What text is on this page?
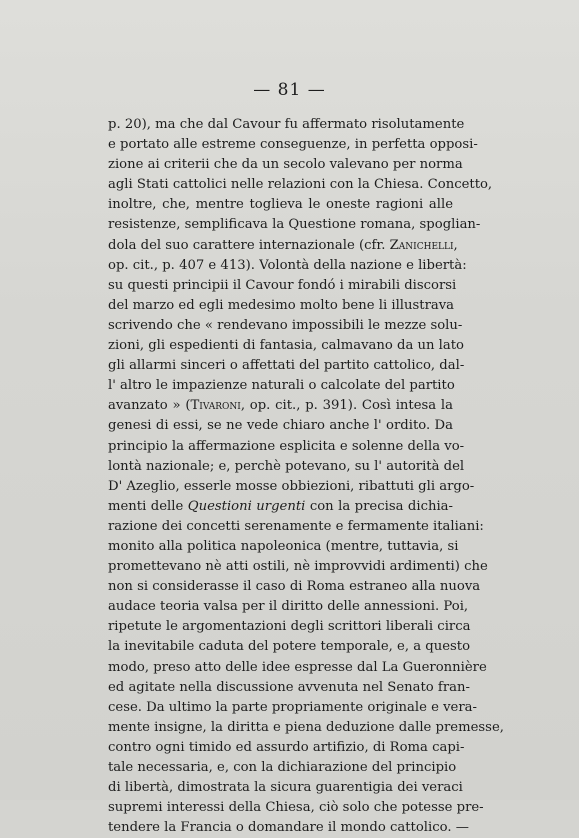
— 81 —
p. 20), ma che dal Cavour fu affermato risolutamente
e portato alle estreme conseguenze, in perfetta opposi-
zione ai criterii che da un secolo valevano per norma
agli Stati cattolici nelle relazioni con la Chiesa. Concetto,
inoltre, che, mentre toglieva le oneste ragioni alle
resistenze, semplificava la Questione romana, spoglian-
dola del suo carattere internazionale (cfr. Zanichelli,
op. cit., p. 407 e 413). Volontà della nazione e libertà:
su questi principii il Cavour fondó i mirabili discorsi
del marzo ed egli medesimo molto bene li illustrava
scrivendo che « rendevano impossibili le mezze solu-
zioni, gli espedienti di fantasia, calmavano da un lato
gli allarmi sinceri o affettati del partito cattolico, dal-
l' altro le impazienze naturali o calcolate del partito
avanzato » (Tivaroni, op. cit., p. 391). Così intesa la
genesi di essi, se ne vede chiaro anche l' ordito. Da
principio la affermazione esplicita e solenne della vo-
lontà nazionale; e, perchè potevano, su l' autorità del
D' Azeglio, esserle mosse obbiezioni, ribattuti gli argo-
menti delle Questioni urgenti con la precisa dichia-
razione dei concetti serenamente e fermamente italiani:
monito alla politica napoleonica (mentre, tuttavia, si
promettevano nè atti ostili, nè improvvidi ardimenti) che
non si considerasse il caso di Roma estraneo alla nuova
audace teoria valsa per il diritto delle annessioni. Poi,
ripetute le argomentazioni degli scrittori liberali circa
la inevitabile caduta del potere temporale, e, a questo
modo, preso atto delle idee espresse dal La Gueronnière
ed agitate nella discussione avvenuta nel Senato fran-
cese. Da ultimo la parte propriamente originale e vera-
mente insigne, la diritta e piena deduzione dalle premesse,
contro ogni timido ed assurdo artifizio, di Roma capi-
tale necessaria, e, con la dichiarazione del principio
di libertà, dimostrata la sicura guarentigia dei veraci
supremi interessi della Chiesa, ciò solo che potesse pre-
tendere la Francia o domandare il mondo cattolico. —
